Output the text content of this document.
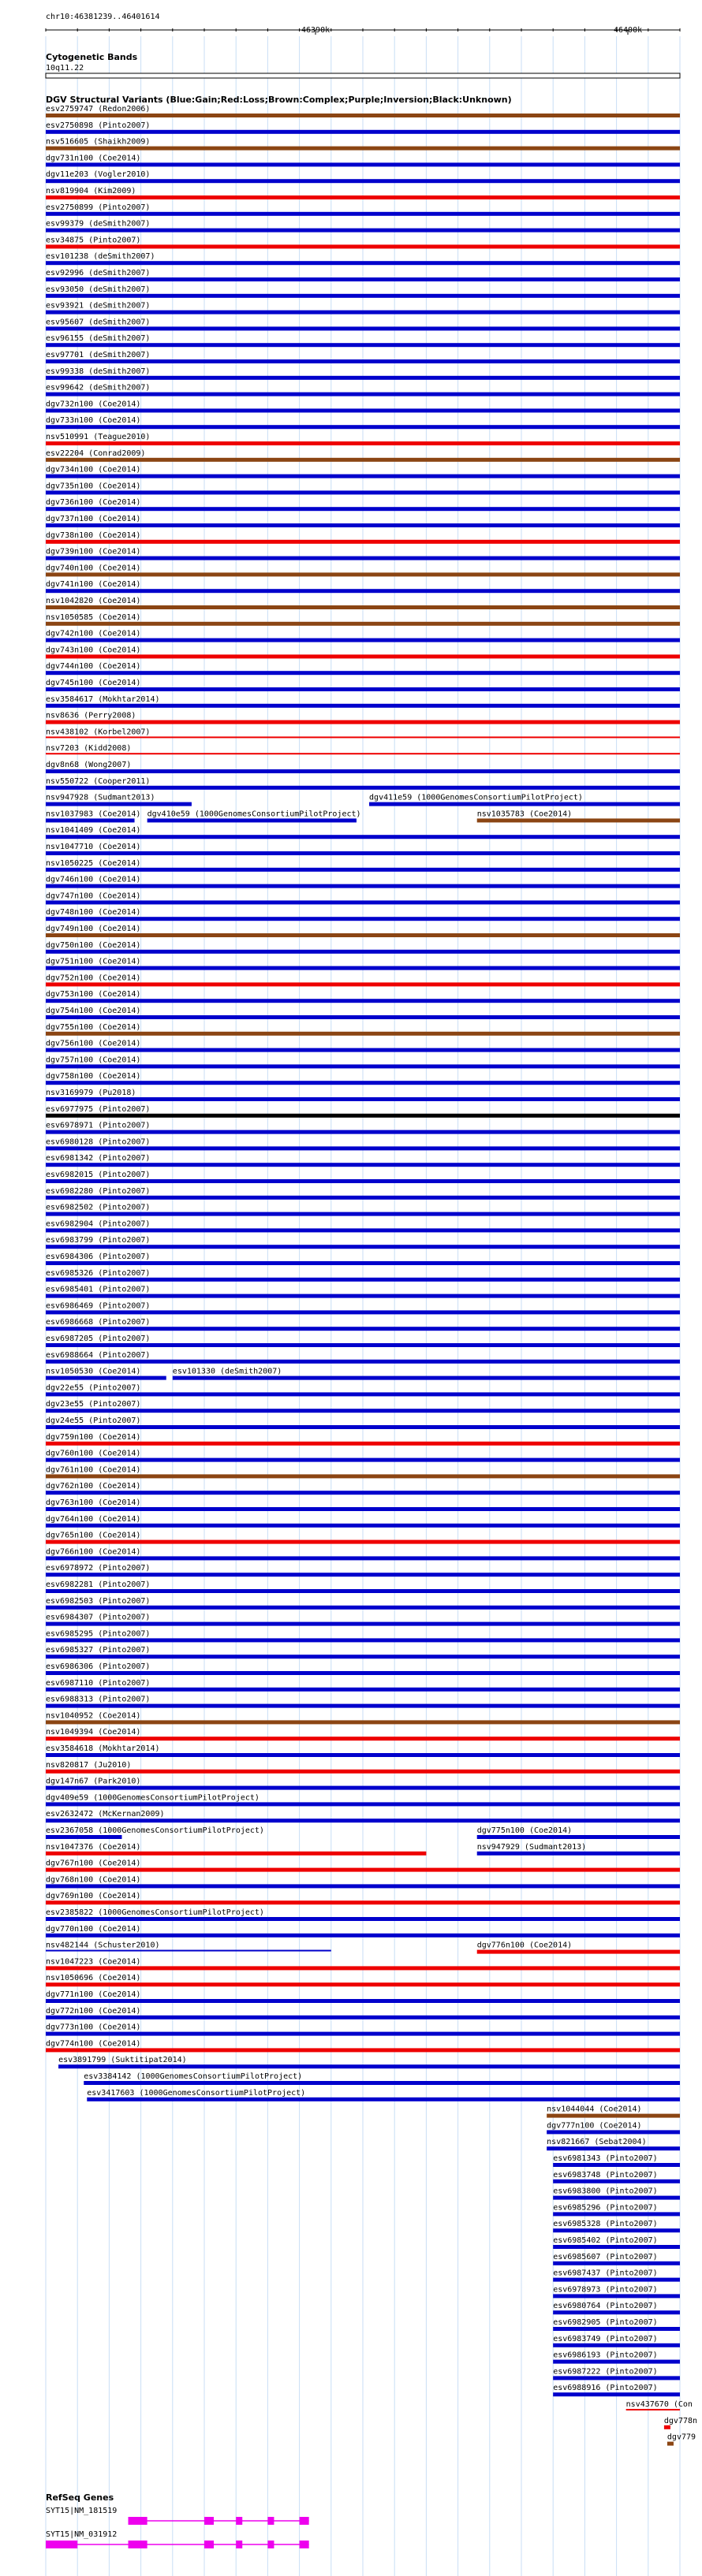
chr10:46381239..46401614
46390k	46400k
Cytogenetic Bands
10q11.22
DGV Structural Variants (Blue:Gain;Red:Loss;Brown:Complex;Purple;Inversion;Black:Unknown)
esv2759747 (Redon2006)
esv2750898 (Pinto2007)
nsv516605 (Shaikh2009)
dgv731n100 (Coe2014)
dgv11e203 (Vogler2010)
nsv819904 (Kim2009)
esv2750899 (Pinto2007)
esv99379 (deSmith2007)
esv34875 (Pinto2007)
esv101238 (deSmith2007)
esv92996 (deSmith2007)
esv93050 (deSmith2007)
esv93921 (deSmith2007)
esv95607 (deSmith2007)
esv96155 (deSmith2007)
esv97701 (deSmith2007)
esv99338 (deSmith2007)
esv99642 (deSmith2007)
dgv732n100 (Coe2014)
dgv733n100 (Coe2014)
nsv510991 (Teague2010)
esv22204 (Conrad2009)
dgv734n100 (Coe2014)
dgv735n100 (Coe2014)
dgv736n100 (Coe2014)
dgv737n100 (Coe2014)
dgv738n100 (Coe2014)
dgv739n100 (Coe2014)
dgv740n100 (Coe2014)
dgv741n100 (Coe2014)
nsv1042820 (Coe2014)
nsv1050585 (Coe2014)
dgv742n100 (Coe2014)
dgv743n100 (Coe2014)
dgv744n100 (Coe2014)
dgv745n100 (Coe2014)
esv3584617 (Mokhtar2014)
nsv8636 (Perry2008)
nsv438102 (Korbel2007)
nsv7203 (Kidd2008)
dgv8n68 (Wong2007)
nsv550722 (Cooper2011)
nsv947928 (Sudmant2013)	dgv411e59 (1000GenomesConsortiumPilotProject)
nsv1037983 (Coe2014) dgv410e59 (1000GenomesConsortiumPilotProject)	nsv1035783 (Coe2014)
nsv1041409 (Coe2014)
nsv1047710 (Coe2014)
nsv1050225 (Coe2014)
dgv746n100 (Coe2014)
dgv747n100 (Coe2014)
dgv748n100 (Coe2014)
dgv749n100 (Coe2014)
dgv750n100 (Coe2014)
dgv751n100 (Coe2014)
dgv752n100 (Coe2014)
dgv753n100 (Coe2014)
dgv754n100 (Coe2014)
dgv755n100 (Coe2014)
dgv756n100 (Coe2014)
dgv757n100 (Coe2014)
dgv758n100 (Coe2014)
nsv3169979 (Pu2018)
esv6977975 (Pinto2007)
esv6978971 (Pinto2007)
esv6980128 (Pinto2007)
esv6981342 (Pinto2007)
esv6982015 (Pinto2007)
esv6982280 (Pinto2007)
esv6982502 (Pinto2007)
esv6982904 (Pinto2007)
esv6983799 (Pinto2007)
esv6984306 (Pinto2007)
esv6985326 (Pinto2007)
esv6985401 (Pinto2007)
esv6986469 (Pinto2007)
esv6986668 (Pinto2007)
esv6987205 (Pinto2007)
esv6988664 (Pinto2007)
nsv1050530 (Coe2014)	esv101330 (deSmith2007)
dgv22e55 (Pinto2007)
dgv23e55 (Pinto2007)
dgv24e55 (Pinto2007)
dgv759n100 (Coe2014)
dgv760n100 (Coe2014)
dgv761n100 (Coe2014)
dgv762n100 (Coe2014)
dgv763n100 (Coe2014)
dgv764n100 (Coe2014)
dgv765n100 (Coe2014)
dgv766n100 (Coe2014)
esv6978972 (Pinto2007)
esv6982281 (Pinto2007)
esv6982503 (Pinto2007)
esv6984307 (Pinto2007)
esv6985295 (Pinto2007)
esv6985327 (Pinto2007)
esv6986306 (Pinto2007)
esv6987110 (Pinto2007)
esv6988313 (Pinto2007)
nsv1040952 (Coe2014)
nsv1049394 (Coe2014)
esv3584618 (Mokhtar2014)
nsv820817 (Ju2010)
dgv147n67 (Park2010)
dgv409e59 (1000GenomesConsortiumPilotProject)
esv2632472 (McKernan2009)
esv2367058 (1000GenomesConsortiumPilotProject)	dgv775n100 (Coe2014)
nsv1047376 (Coe2014)	nsv947929 (Sudmant2013)
dgv767n100 (Coe2014)
dgv768n100 (Coe2014)
dgv769n100 (Coe2014)
esv2385822 (1000GenomesConsortiumPilotProject)
dgv770n100 (Coe2014)
nsv482144 (Schuster2010)	dgv776n100 (Coe2014)
nsv1047223 (Coe2014)
nsv1050696 (Coe2014)
dgv771n100 (Coe2014)
dgv772n100 (Coe2014)
dgv773n100 (Coe2014)
dgv774n100 (Coe2014)
esv3891799 (Suktitipat2014)
esv3384142 (1000GenomesConsortiumPilotProject)
esv3417603 (1000GenomesConsortiumPilotProject)
nsv1044044 (Coe2014)
dgv777n100 (Coe2014)
nsv821667 (Sebat2004)
esv6981343 (Pinto2007)
esv6983748 (Pinto2007)
esv6983800 (Pinto2007)
esv6985296 (Pinto2007)
esv6985328 (Pinto2007)
esv6985402 (Pinto2007)
esv6985607 (Pinto2007)
esv6987437 (Pinto2007)
esv6978973 (Pinto2007)
esv6980764 (Pinto2007)
esv6982905 (Pinto2007)
esv6983749 (Pinto2007)
esv6986193 (Pinto2007)
esv6987222 (Pinto2007)
esv6988916 (Pinto2007)
nsv437670 (Con
dgv778n
dgv779
RefSeq Genes
SYT15|NM_181519
SYT15|NM_031912
